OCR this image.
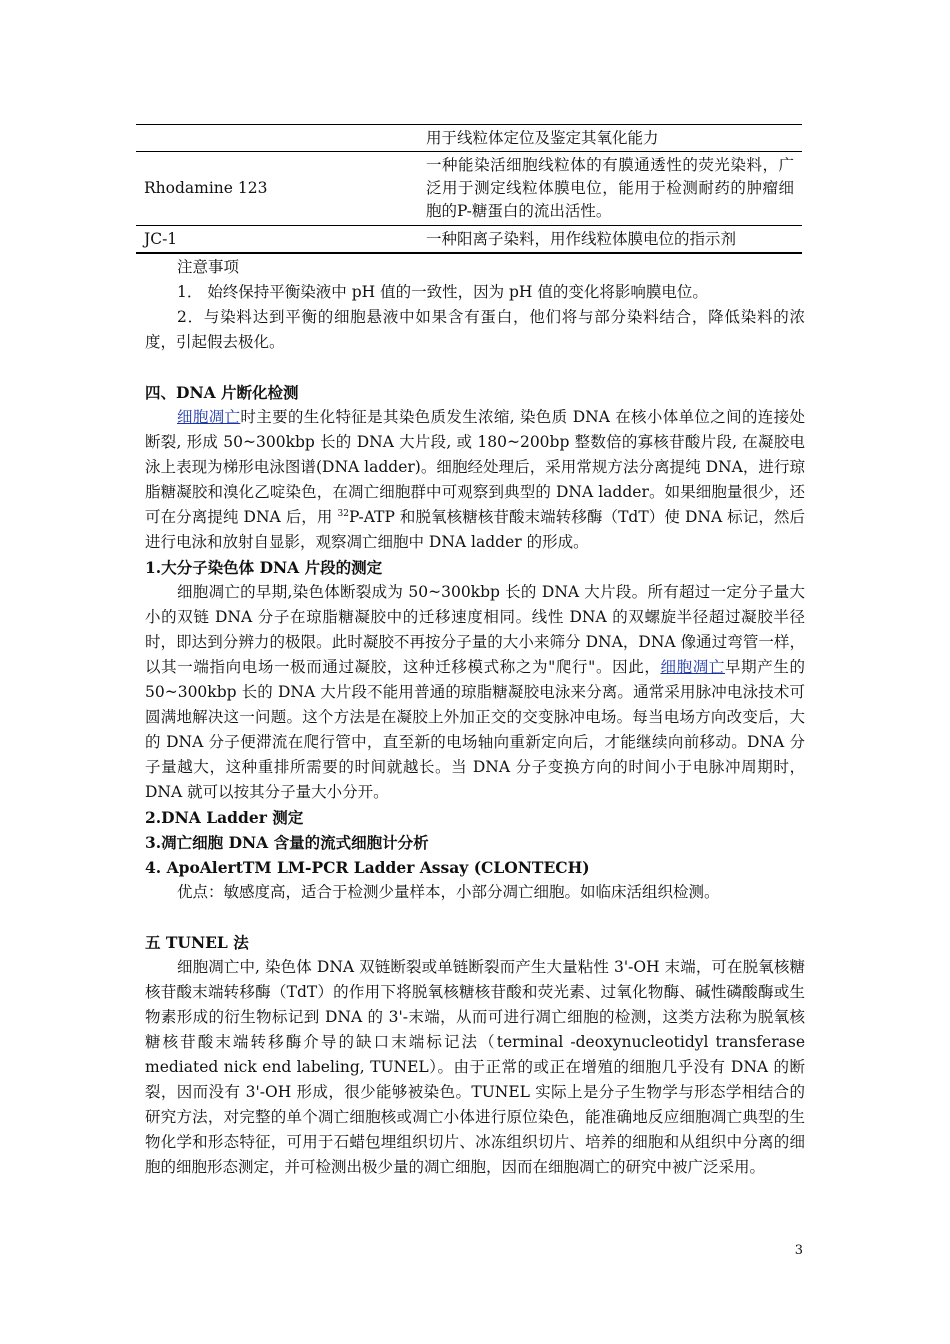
	用于线粒体定位及鉴定其氧化能力
Rhodamine 123	一种能染活细胞线粒体的有膜通透性的荧光染料，广泛用于测定线粒体膜电位，能用于检测耐药的肿瘤细胞的P-糖蛋白的流出活性。
JC-1	一种阳离子染料，用作线粒体膜电位的指示剂

注意事项

1． 始终保持平衡染液中 pH 值的一致性，因为 pH 值的变化将影响膜电位。

2．与染料达到平衡的细胞悬液中如果含有蛋白，他们将与部分染料结合，降低染料的浓度，引起假去极化。

四、DNA 片断化检测

细胞凋亡时主要的生化特征是其染色质发生浓缩, 染色质 DNA 在核小体单位之间的连接处断裂, 形成 50~300kbp 长的 DNA 大片段, 或 180~200bp 整数倍的寡核苷酸片段, 在凝胶电泳上表现为梯形电泳图谱(DNA ladder)。细胞经处理后，采用常规方法分离提纯 DNA，进行琼脂糖凝胶和溴化乙啶染色，在凋亡细胞群中可观察到典型的 DNA ladder。如果细胞量很少，还可在分离提纯 DNA 后，用 $^{32}$P-ATP 和脱氧核糖核苷酸末端转移酶（TdT）使 DNA 标记，然后进行电泳和放射自显影，观察凋亡细胞中 DNA ladder 的形成。

1.大分子染色体 DNA 片段的测定

细胞凋亡的早期,染色体断裂成为 50~300kbp 长的 DNA 大片段。所有超过一定分子量大小的双链 DNA 分子在琼脂糖凝胶中的迁移速度相同。线性 DNA 的双螺旋半径超过凝胶半径时，即达到分辨力的极限。此时凝胶不再按分子量的大小来筛分 DNA，DNA 像通过弯管一样，以其一端指向电场一极而通过凝胶，这种迁移模式称之为"爬行"。因此，细胞凋亡早期产生的 50~300kbp 长的 DNA 大片段不能用普通的琼脂糖凝胶电泳来分离。通常采用脉冲电泳技术可圆满地解决这一问题。这个方法是在凝胶上外加正交的交变脉冲电场。每当电场方向改变后，大的 DNA 分子便滞流在爬行管中，直至新的电场轴向重新定向后，才能继续向前移动。DNA 分子量越大，这种重排所需要的时间就越长。当 DNA 分子变换方向的时间小于电脉冲周期时，DNA 就可以按其分子量大小分开。

2.DNA Ladder 测定

3.凋亡细胞 DNA 含量的流式细胞计分析

4. ApoAlertTM LM-PCR Ladder Assay (CLONTECH)

优点：敏感度高，适合于检测少量样本，小部分凋亡细胞。如临床活组织检测。

五 TUNEL 法

细胞凋亡中, 染色体 DNA 双链断裂或单链断裂而产生大量粘性 3'-OH 末端，可在脱氧核糖核苷酸末端转移酶（TdT）的作用下将脱氧核糖核苷酸和荧光素、过氧化物酶、碱性磷酸酶或生物素形成的衍生物标记到 DNA 的 3'-末端，从而可进行凋亡细胞的检测，这类方法称为脱氧核糖核苷酸末端转移酶介导的缺口末端标记法（terminal -deoxynucleotidyl transferase mediated nick end labeling, TUNEL）。由于正常的或正在增殖的细胞几乎没有 DNA 的断裂，因而没有 3'-OH 形成，很少能够被染色。TUNEL 实际上是分子生物学与形态学相结合的研究方法，对完整的单个凋亡细胞核或凋亡小体进行原位染色，能准确地反应细胞凋亡典型的生物化学和形态特征，可用于石蜡包埋组织切片、冰冻组织切片、培养的细胞和从组织中分离的细胞的细胞形态测定，并可检测出极少量的凋亡细胞，因而在细胞凋亡的研究中被广泛采用。

3
